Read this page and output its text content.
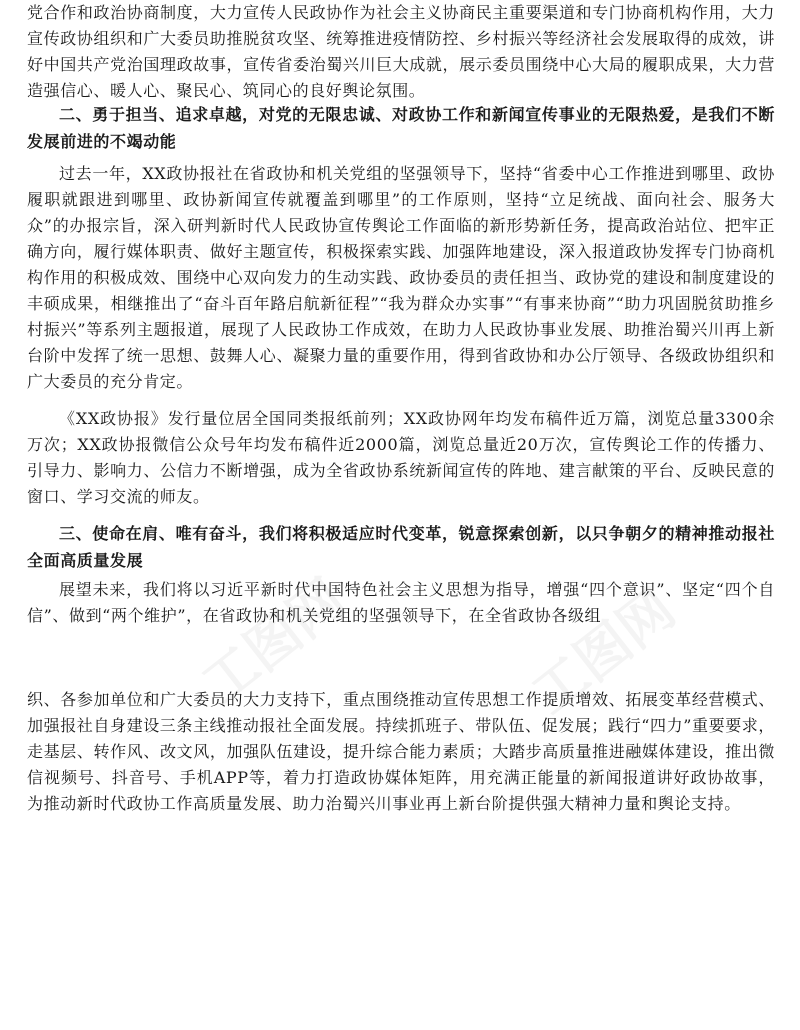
工图网	工图网

党合作和政治协商制度，大力宣传人民政协作为社会主义协商民主重要渠道和专门协商机构作用，大力宣传政协组织和广大委员助推脱贫攻坚、统筹推进疫情防控、乡村振兴等经济社会发展取得的成效，讲好中国共产党治国理政故事，宣传省委治蜀兴川巨大成就，展示委员围绕中心大局的履职成果，大力营造强信心、暖人心、聚民心、筑同心的良好舆论氛围。

二、勇于担当、追求卓越，对党的无限忠诚、对政协工作和新闻宣传事业的无限热爱，是我们不断发展前进的不竭动能

过去一年，XX政协报社在省政协和机关党组的坚强领导下，坚持“省委中心工作推进到哪里、政协履职就跟进到哪里、政协新闻宣传就覆盖到哪里”的工作原则，坚持“立足统战、面向社会、服务大众”的办报宗旨，深入研判新时代人民政协宣传舆论工作面临的新形势新任务，提高政治站位、把牢正确方向，履行媒体职责、做好主题宣传，积极探索实践、加强阵地建设，深入报道政协发挥专门协商机构作用的积极成效、围绕中心双向发力的生动实践、政协委员的责任担当、政协党的建设和制度建设的丰硕成果，相继推出了“奋斗百年路启航新征程”“我为群众办实事”“有事来协商”“助力巩固脱贫助推乡村振兴”等系列主题报道，展现了人民政协工作成效，在助力人民政协事业发展、助推治蜀兴川再上新台阶中发挥了统一思想、鼓舞人心、凝聚力量的重要作用，得到省政协和办公厅领导、各级政协组织和广大委员的充分肯定。

《XX政协报》发行量位居全国同类报纸前列；XX政协网年均发布稿件近万篇，浏览总量3300余万次；XX政协报微信公众号年均发布稿件近2000篇，浏览总量近20万次，宣传舆论工作的传播力、引导力、影响力、公信力不断增强，成为全省政协系统新闻宣传的阵地、建言献策的平台、反映民意的窗口、学习交流的师友。

三、使命在肩、唯有奋斗，我们将积极适应时代变革，锐意探索创新，以只争朝夕的精神推动报社全面高质量发展

展望未来，我们将以习近平新时代中国特色社会主义思想为指导，增强“四个意识”、坚定“四个自信”、做到“两个维护”，在省政协和机关党组的坚强领导下，在全省政协各级组

织、各参加单位和广大委员的大力支持下，重点围绕推动宣传思想工作提质增效、拓展变革经营模式、加强报社自身建设三条主线推动报社全面发展。持续抓班子、带队伍、促发展；践行“四力”重要要求，走基层、转作风、改文风，加强队伍建设，提升综合能力素质；大踏步高质量推进融媒体建设，推出微信视频号、抖音号、手机APP等，着力打造政协媒体矩阵，用充满正能量的新闻报道讲好政协故事，为推动新时代政协工作高质量发展、助力治蜀兴川事业再上新台阶提供强大精神力量和舆论支持。
